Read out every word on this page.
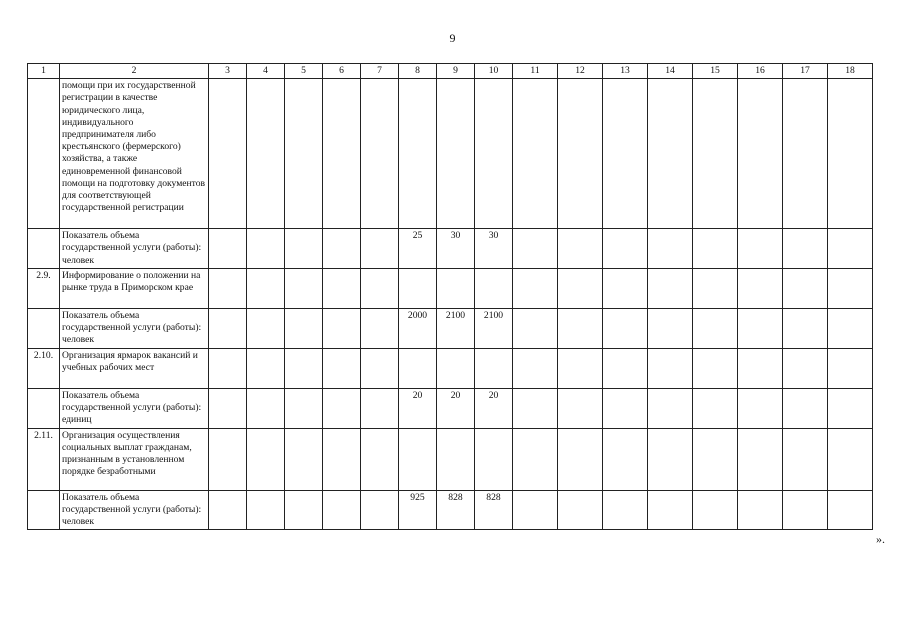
9
1	2	3	4	5	6	7	8	9	10	11	12	13	14	15	16	17	18
	помощи при их государственной регистрации в качестве юридического лица, индивидуального предпринимателя либо крестьянского (фермерского) хозяйства, а также единовременной финансовой помощи на подготовку документов для соответствующей государственной регистрации																
	Показатель объема государственной услуги (работы): человек						25	30	30								
2.9.	Информирование о положении на рынке труда в Приморском крае																
	Показатель объема государственной услуги (работы): человек						2000	2100	2100								
2.10.	Организация ярмарок вакансий и учебных рабочих мест																
	Показатель объема государственной услуги (работы): единиц						20	20	20								
2.11.	Организация осуществления социальных выплат гражданам, признанным в установленном порядке безработными																
	Показатель объема государственной услуги (работы): человек						925	828	828								
».
